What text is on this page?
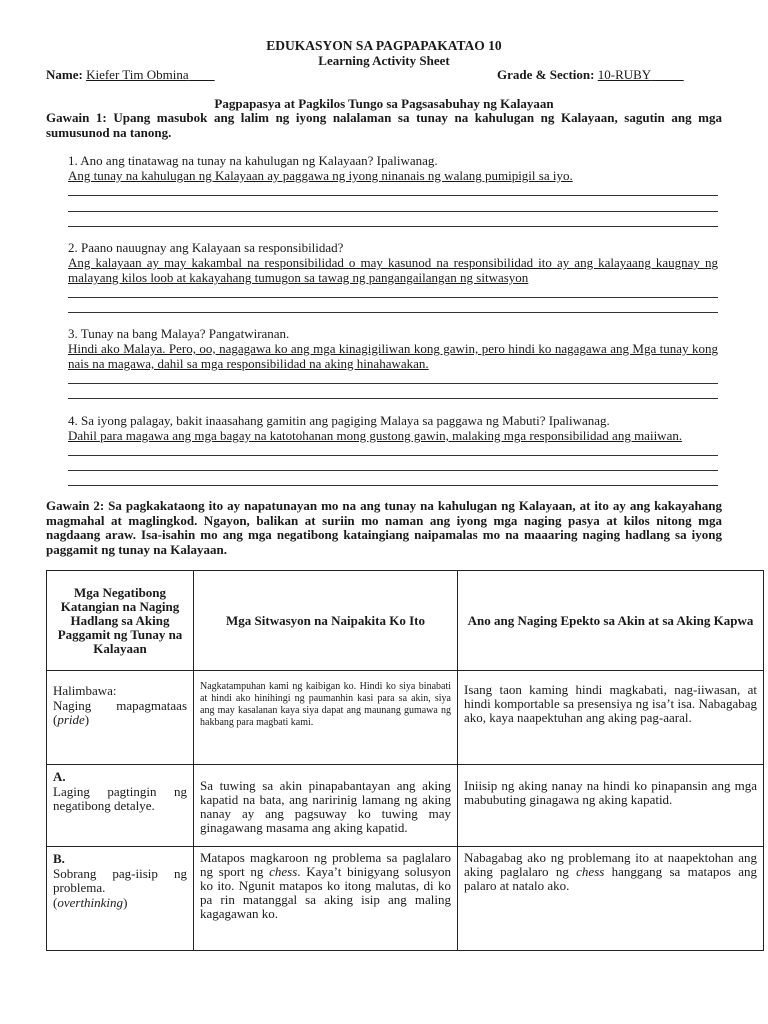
EDUKASYON SA PAGPAPAKATAO 10
Learning Activity Sheet
Name: Kiefer Tim Obmina	Grade & Section: 10-RUBY
Pagpapasya at Pagkilos Tungo sa Pagsasabuhay ng Kalayaan
Gawain 1: Upang masubok ang lalim ng iyong nalalaman sa tunay na kahulugan ng Kalayaan, sagutin ang mga sumusunod na tanong.
1. Ano ang tinatawag na tunay na kahulugan ng Kalayaan? Ipaliwanag.
Ang tunay na kahulugan ng Kalayaan ay paggawa ng iyong ninanais ng walang pumipigil sa iyo.
2. Paano nauugnay ang Kalayaan sa responsibilidad?
Ang kalayaan ay may kakambal na responsibilidad o may kasunod na responsibilidad ito ay ang kalayaang kaugnay ng malayang kilos loob at kakayahang tumugon sa tawag ng pangangailangan ng sitwasyon
3. Tunay na bang Malaya? Pangatwiranan.
Hindi ako Malaya. Pero, oo, nagagawa ko ang mga kinagigiliwan kong gawin, pero hindi ko nagagawa ang Mga tunay kong nais na magawa, dahil sa mga responsibilidad na aking hinahawakan.
4. Sa iyong palagay, bakit inaasahang gamitin ang pagiging Malaya sa paggawa ng Mabuti? Ipaliwanag.
Dahil para magawa ang mga bagay na katotohanan mong gustong gawin, malaking mga responsibilidad ang maiiwan.
Gawain 2: Sa pagkakataong ito ay napatunayan mo na ang tunay na kahulugan ng Kalayaan, at ito ay ang kakayahang magmahal at maglingkod. Ngayon, balikan at suriin mo naman ang iyong mga naging pasya at kilos nitong mga nagdaang araw. Isa-isahin mo ang mga negatibong kataingiang naipamalas mo na maaaring naging hadlang sa iyong paggamit ng tunay na Kalayaan.
Mga Negatibong Katangian na Naging Hadlang sa Aking Paggamit ng Tunay na Kalayaan	Mga Sitwasyon na Naipakita Ko Ito	Ano ang Naging Epekto sa Akin at sa Aking Kapwa

Halimbawa:
Naging mapagmataas (pride)	Nagkatampuhan kami ng kaibigan ko. Hindi ko siya binabati at hindi ako hinihingi ng paumanhin kasi para sa akin, siya ang may kasalanan kaya siya dapat ang maunang gumawa ng hakbang para magbati kami.	Isang taon kaming hindi magkabati, nag-iiwasan, at hindi komportable sa presensiya ng isa’t isa. Nabagabag ako, kaya naapektuhan ang aking pag-aaral.

A.
Laging pagtingin ng negatibong detalye.	Sa tuwing sa akin pinapabantayan ang aking kapatid na bata, ang naririnig lamang ng aking nanay ay ang pagsuway ko tuwing may ginagawang masama ang aking kapatid.	Iniisip ng aking nanay na hindi ko pinapansin ang mga mabubuting ginagawa ng aking kapatid.

B.
Sobrang pag-iisip ng problema.
(overthinking)	Matapos magkaroon ng problema sa paglalaro ng sport ng chess. Kaya’t binigyang solusyon ko ito. Ngunit matapos ko itong malutas, di ko pa rin matanggal sa aking isip ang maling kagagawan ko.	Nabagabag ako ng problemang ito at naapektohan ang aking paglalaro ng chess hanggang sa matapos ang palaro at natalo ako.
